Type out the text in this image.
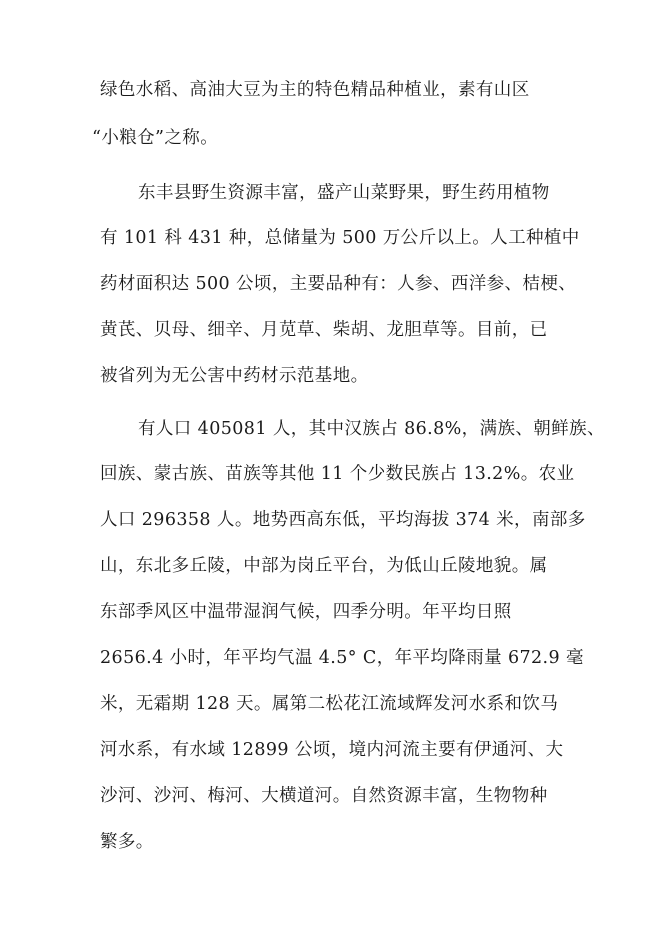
绿色水稻、高油大豆为主的特色精品种植业，素有山区
“小粮仓”之称。
东丰县野生资源丰富，盛产山菜野果，野生药用植物
有 101 科 431 种，总储量为 500 万公斤以上。人工种植中
药材面积达 500 公顷，主要品种有：人参、西洋参、桔梗、
黄芪、贝母、细辛、月苋草、柴胡、龙胆草等。目前，已
被省列为无公害中药材示范基地。
有人口 405081 人，其中汉族占 86.8%，满族、朝鲜族、
回族、蒙古族、苗族等其他 11 个少数民族占 13.2%。农业
人口 296358 人。地势西高东低，平均海拔 374 米，南部多
山，东北多丘陵，中部为岗丘平台，为低山丘陵地貌。属
东部季风区中温带湿润气候，四季分明。年平均日照
2656.4 小时，年平均气温 4.5° C，年平均降雨量 672.9 毫
米，无霜期 128 天。属第二松花江流域辉发河水系和饮马
河水系，有水域 12899 公顷，境内河流主要有伊通河、大
沙河、沙河、梅河、大横道河。自然资源丰富，生物物种
繁多。
